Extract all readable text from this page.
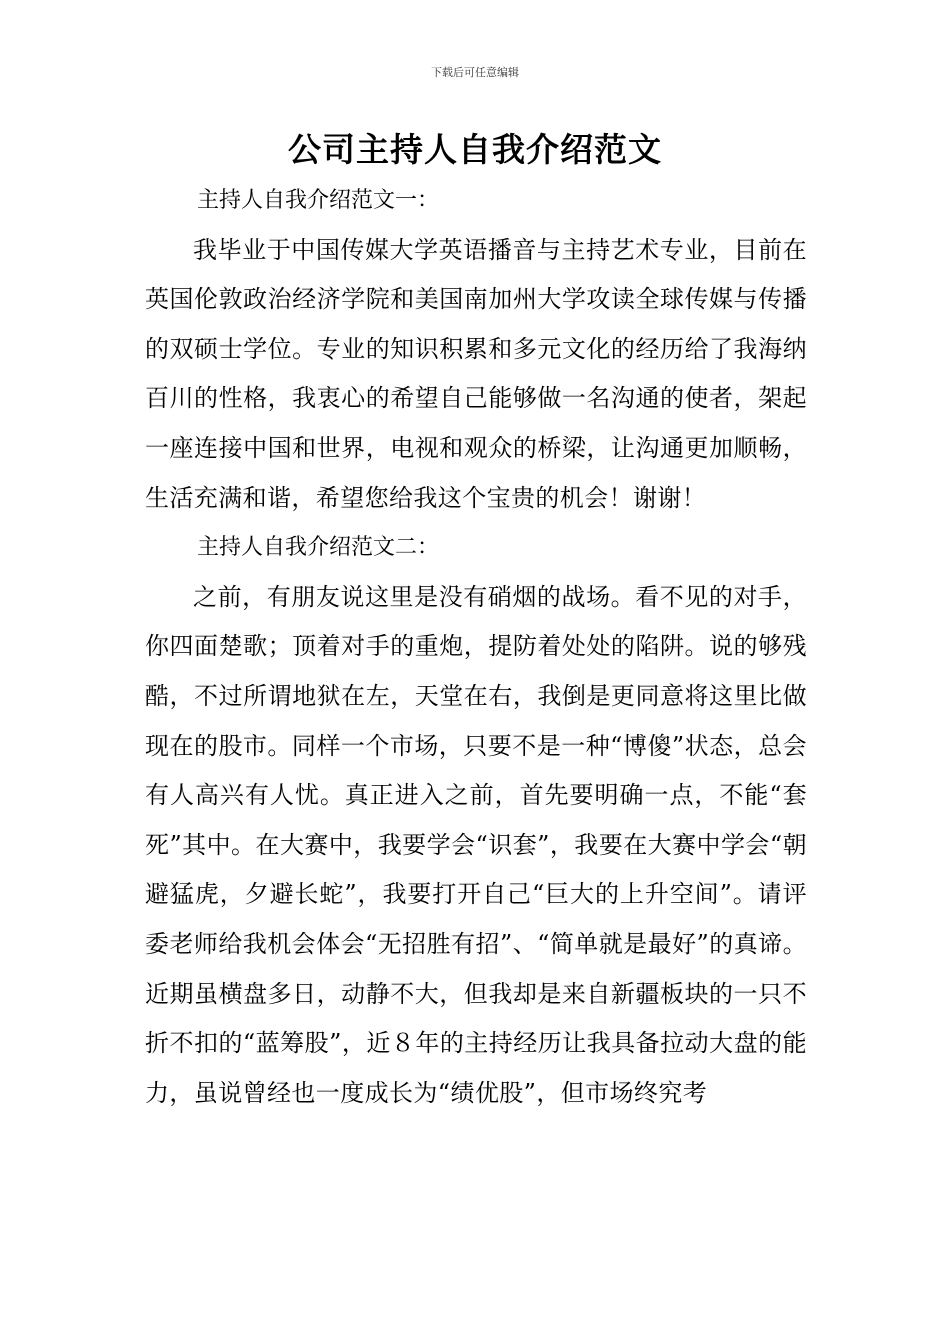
下载后可任意编辑
公司主持人自我介绍范文

主持人自我介绍范文一：

我毕业于中国传媒大学英语播音与主持艺术专业，目前在英国伦敦政治经济学院和美国南加州大学攻读全球传媒与传播的双硕士学位。专业的知识积累和多元文化的经历给了我海纳百川的性格，我衷心的希望自己能够做一名沟通的使者，架起一座连接中国和世界，电视和观众的桥梁，让沟通更加顺畅，生活充满和谐，希望您给我这个宝贵的机会！谢谢！

主持人自我介绍范文二：

之前，有朋友说这里是没有硝烟的战场。看不见的对手，你四面楚歌；顶着对手的重炮，提防着处处的陷阱。说的够残酷，不过所谓地狱在左，天堂在右，我倒是更同意将这里比做现在的股市。同样一个市场，只要不是一种“博傻”状态，总会有人高兴有人忧。真正进入之前，首先要明确一点，不能“套死”其中。在大赛中，我要学会“识套”，我要在大赛中学会“朝避猛虎，夕避长蛇”，我要打开自己“巨大的上升空间”。请评委老师给我机会体会“无招胜有招”、“简单就是最好”的真谛。近期虽横盘多日，动静不大，但我却是来自新疆板块的一只不折不扣的“蓝筹股”，近８年的主持经历让我具备拉动大盘的能力，虽说曾经也一度成长为“绩优股”，但市场终究考
